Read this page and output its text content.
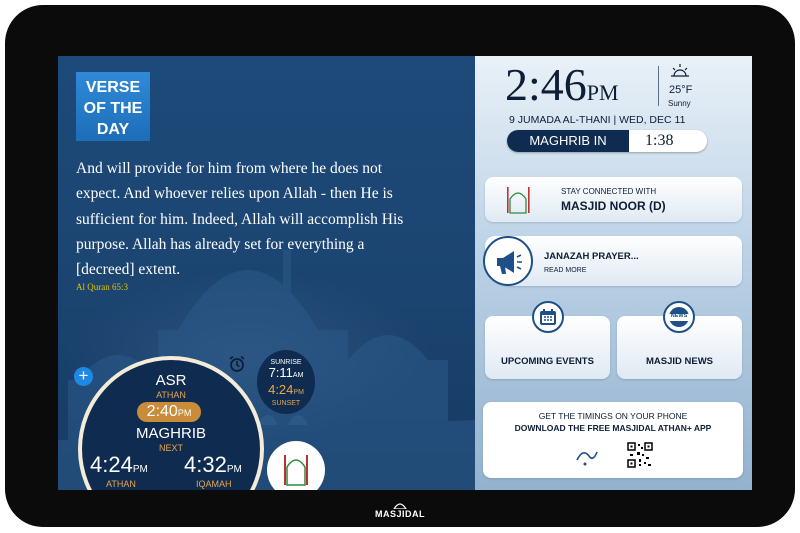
VERSE
OF THE
DAY
And will provide for him from where he does not expect. And whoever relies upon Allah - then He is sufficient for him. Indeed, Allah will accomplish His purpose. Allah has already set for everything a [decreed] extent.
Al Quran 65:3
+	ASR
ATHAN
2:40PM
MAGHRIB
NEXT
4:24PM
ATHAN
4:32PM
IQAMAH
SUNRISE
7:11AM
4:24PM
SUNSET
2:46PM	25°F
Sunny
9 JUMADA AL-THANI | WED, DEC 11
MAGHRIB IN	1:38
STAY CONNECTED WITH
MASJID NOOR (D)
JANAZAH PRAYER...
READ MORE
UPCOMING EVENTS	MASJID NEWS
NEWS
GET THE TIMINGS ON YOUR PHONE
DOWNLOAD THE FREE MASJIDAL ATHAN+ APP
MASJIDAL
